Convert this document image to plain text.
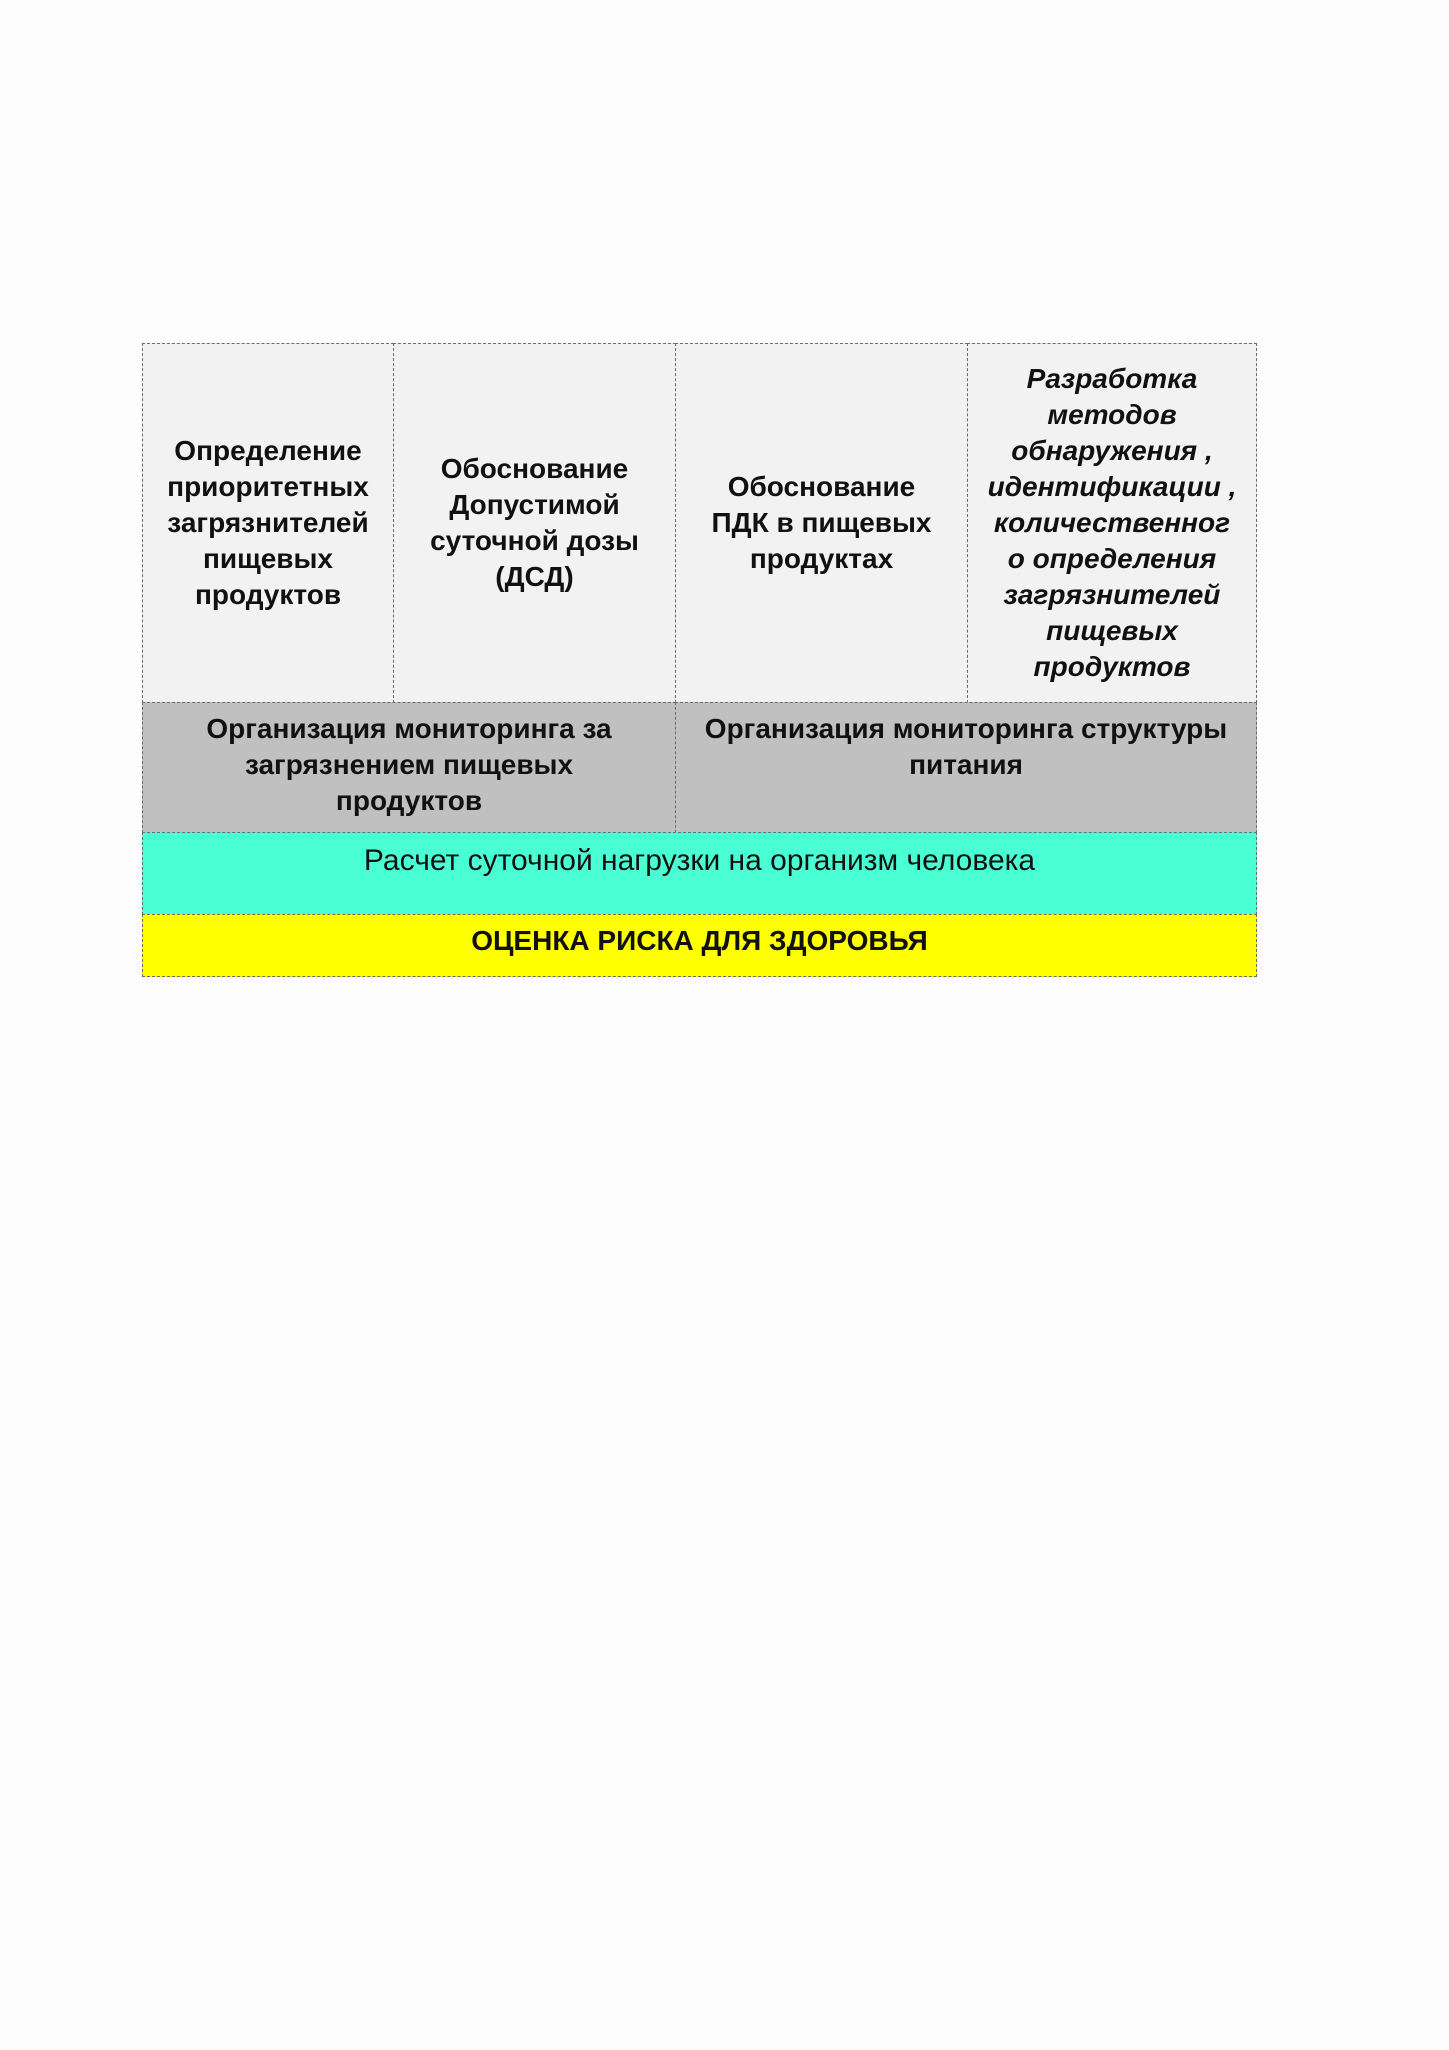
Определение
приоритетных
загрязнителей
пищевых
продуктов
Обоснование
Допустимой
суточной дозы
(ДСД)
Обоснование
ПДК в пищевых
продуктах
Разработка
методов
обнаружения ,
идентификации ,
количественног
о определения
загрязнителей
пищевых
продуктов
Организация мониторинга за
загрязнением пищевых
продуктов
Организация мониторинга структуры
питания
Расчет суточной нагрузки на организм человека
ОЦЕНКА РИСКА ДЛЯ ЗДОРОВЬЯ
